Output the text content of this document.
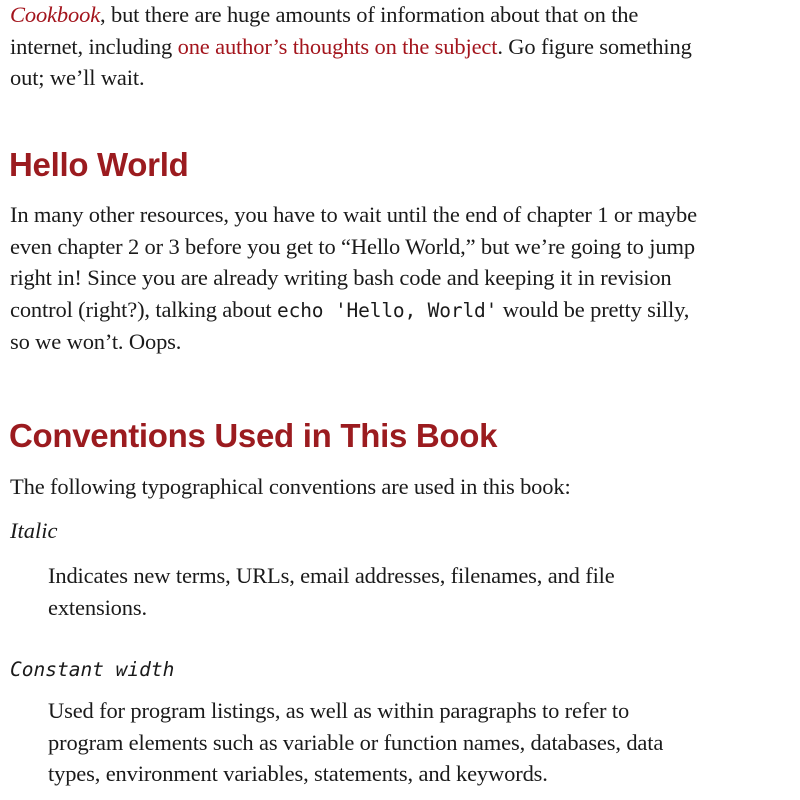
Cookbook, but there are huge amounts of information about that on the
internet, including one author’s thoughts on the subject. Go figure something
out; we’ll wait.

Hello World

In many other resources, you have to wait until the end of chapter 1 or maybe
even chapter 2 or 3 before you get to “Hello World,” but we’re going to jump
right in! Since you are already writing bash code and keeping it in revision
control (right?), talking about echo 'Hello, World' would be pretty silly,
so we won’t. Oops.

Conventions Used in This Book

The following typographical conventions are used in this book:

Italic

Indicates new terms, URLs, email addresses, filenames, and file
extensions.

Constant width

Used for program listings, as well as within paragraphs to refer to
program elements such as variable or function names, databases, data
types, environment variables, statements, and keywords.
